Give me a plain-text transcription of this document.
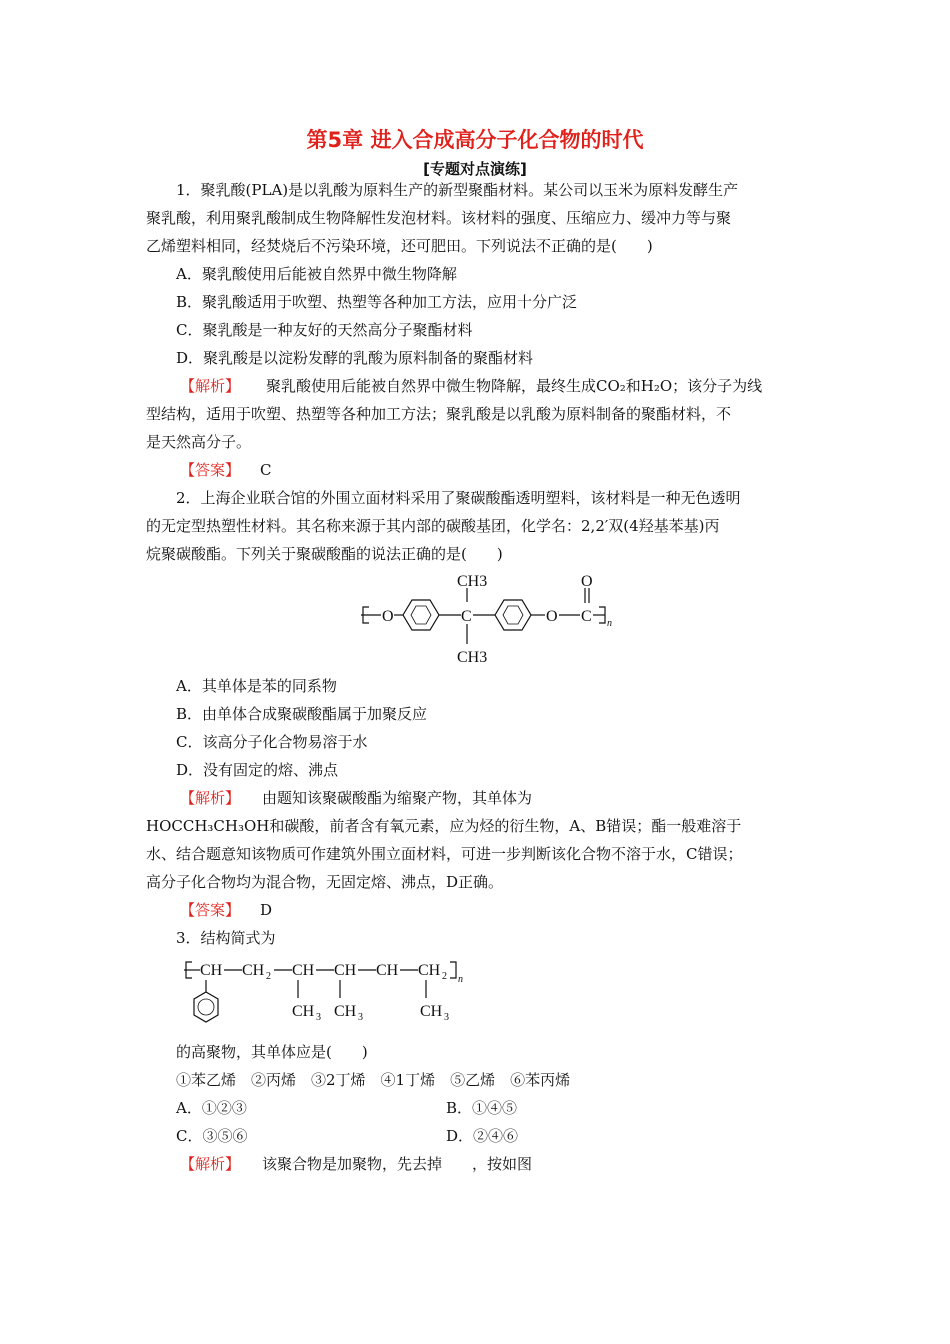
第5章 进入合成高分子化合物的时代
[专题对点演练]
1．聚乳酸(PLA)是以乳酸为原料生产的新型聚酯材料。某公司以玉米为原料发酵生产
聚乳酸，利用聚乳酸制成生物降解性发泡材料。该材料的强度、压缩应力、缓冲力等与聚
乙烯塑料相同，经焚烧后不污染环境，还可肥田。下列说法不正确的是(　　)
A．聚乳酸使用后能被自然界中微生物降解
B．聚乳酸适用于吹塑、热塑等各种加工方法，应用十分广泛
C．聚乳酸是一种友好的天然高分子聚酯材料
D．聚乳酸是以淀粉发酵的乳酸为原料制备的聚酯材料
【解析】 聚乳酸使用后能被自然界中微生物降解，最终生成CO₂和H₂O；该分子为线
型结构，适用于吹塑、热塑等各种加工方法；聚乳酸是以乳酸为原料制备的聚酯材料，不
是天然高分子。
【答案】 C
2．上海企业联合馆的外围立面材料采用了聚碳酸酯透明塑料，该材料是一种无色透明
的无定型热塑性材料。其名称来源于其内部的碳酸基团，化学名：2,2′双(4羟基苯基)丙
烷聚碳酸酯。下列关于聚碳酸酯的说法正确的是(　　)
O	C
CH3
CH3
O C
O
n
A．其单体是苯的同系物
B．由单体合成聚碳酸酯属于加聚反应
C．该高分子化合物易溶于水
D．没有固定的熔、沸点
【解析】 由题知该聚碳酸酯为缩聚产物，其单体为
HOCCH₃CH₃OH和碳酸，前者含有氧元素，应为烃的衍生物，A、B错误；酯一般难溶于
水、结合题意知该物质可作建筑外围立面材料，可进一步判断该化合物不溶于水，C错误；
高分子化合物均为混合物，无固定熔、沸点，D正确。
【答案】 D
3．结构简式为
CH CH 2 CH CH CH CH 2 n
CH 3 CH 3	CH 3
的高聚物，其单体应是(　　)
①苯乙烯　②丙烯　③2丁烯　④1丁烯　⑤乙烯　⑥苯丙烯
A．①②③	B．①④⑤
C．③⑤⑥	D．②④⑥
【解析】 该聚合物是加聚物，先去掉　　，按如图
